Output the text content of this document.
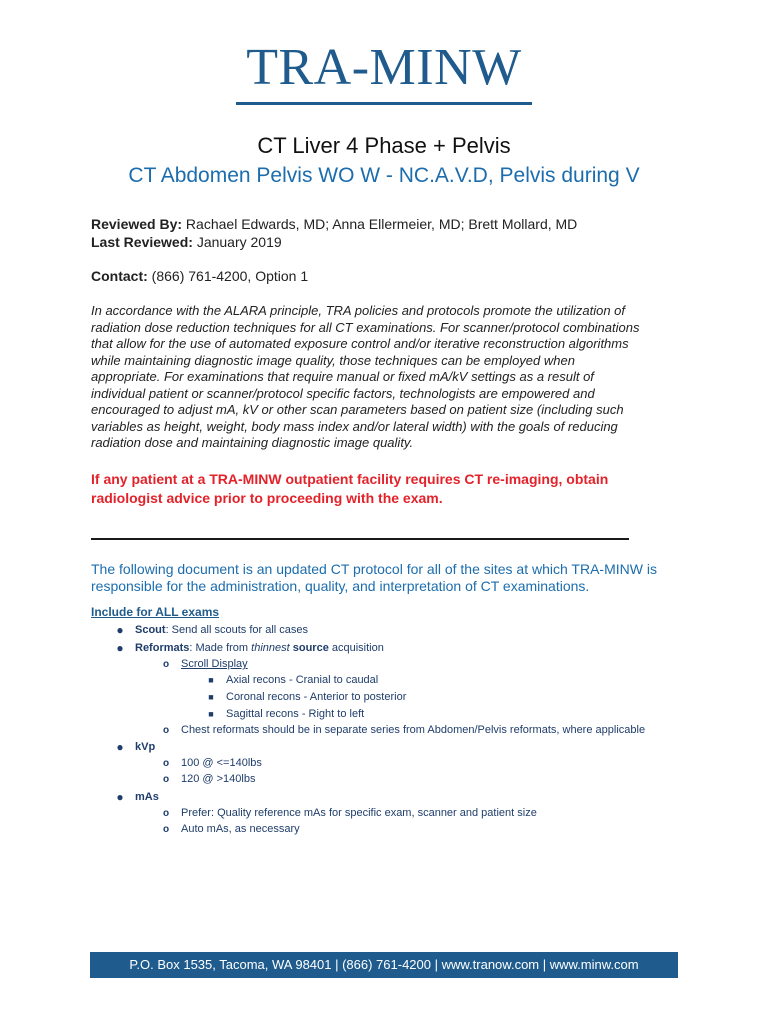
TRA-MINW
CT Liver 4 Phase + Pelvis
CT Abdomen Pelvis WO W - NC.A.V.D, Pelvis during V
Reviewed By: Rachael Edwards, MD; Anna Ellermeier, MD; Brett Mollard, MD
Last Reviewed: January 2019
Contact: (866) 761-4200, Option 1
In accordance with the ALARA principle, TRA policies and protocols promote the utilization of
radiation dose reduction techniques for all CT examinations. For scanner/protocol combinations
that allow for the use of automated exposure control and/or iterative reconstruction algorithms
while maintaining diagnostic image quality, those techniques can be employed when
appropriate. For examinations that require manual or fixed mA/kV settings as a result of
individual patient or scanner/protocol specific factors, technologists are empowered and
encouraged to adjust mA, kV or other scan parameters based on patient size (including such
variables as height, weight, body mass index and/or lateral width) with the goals of reducing
radiation dose and maintaining diagnostic image quality.
If any patient at a TRA-MINW outpatient facility requires CT re-imaging, obtain
radiologist advice prior to proceeding with the exam.
The following document is an updated CT protocol for all of the sites at which TRA-MINW is
responsible for the administration, quality, and interpretation of CT examinations.
Include for ALL exams
●	Scout: Send all scouts for all cases
●	Reformats: Made from thinnest source acquisition
o	Scroll Display
■	Axial recons - Cranial to caudal
■	Coronal recons - Anterior to posterior
■	Sagittal recons - Right to left
o	Chest reformats should be in separate series from Abdomen/Pelvis reformats, where applicable
●	kVp
o	100 @ <=140lbs
o	120 @ >140lbs
●	mAs
o	Prefer: Quality reference mAs for specific exam, scanner and patient size
o	Auto mAs, as necessary
P.O. Box 1535, Tacoma, WA 98401 | (866) 761-4200 | www.tranow.com | www.minw.com
